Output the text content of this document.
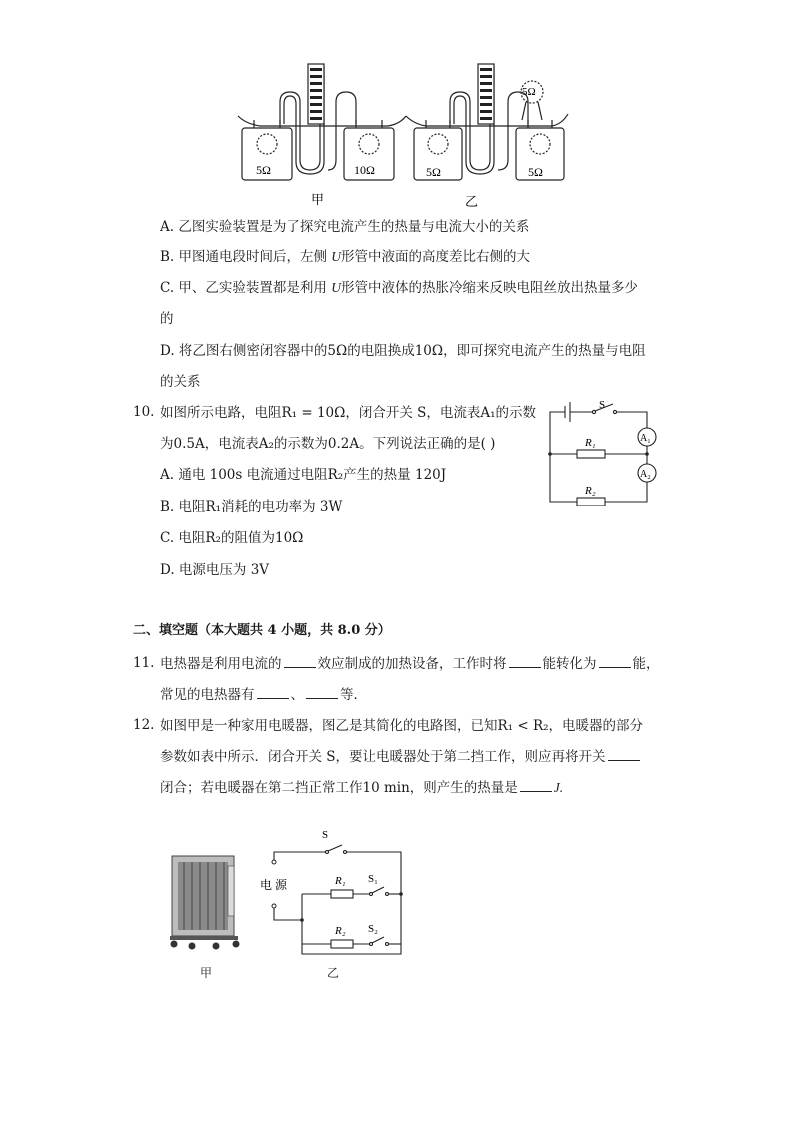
5Ω	10Ω	5Ω	5Ω
5Ω
甲	乙
A. 乙图实验装置是为了探究电流产生的热量与电流大小的关系
B. 甲图通电段时间后，左侧 U形管中液面的高度差比右侧的大
C. 甲、乙实验装置都是利用 U形管中液体的热胀冷缩来反映电阻丝放出热量多少
的
D. 将乙图右侧密闭容器中的5Ω的电阻换成10Ω，即可探究电流产生的热量与电阻
的关系
10. 如图所示电路，电阻R₁ = 10Ω，闭合开关 S，电流表A₁的示数
为0.5A，电流表A₂的示数为0.2A。下列说法正确的是( )
A. 通电 100s 电流通过电阻R₂产生的热量 120J
B. 电阻R₁消耗的电功率为 3W
C. 电阻R₂的阻值为10Ω
D. 电源电压为 3V
S
R₁
R₂
A₁
A₂
二、填空题（本大题共 4 小题，共 8.0 分）
11. 电热器是利用电流的	效应制成的加热设备，工作时将	能转化为	能，
常见的电热器有	、	等．
12. 如图甲是一种家用电暖器，图乙是其简化的电路图，已知R₁ < R₂，电暖器的部分
参数如表中所示．闭合开关 S，要让电暖器处于第二挡工作，则应再将开关
闭合；若电暖器在第二挡正常工作10 min，则产生的热量是	J.
甲
S
S₁
S₂
R₁
R₂
电 源
乙
